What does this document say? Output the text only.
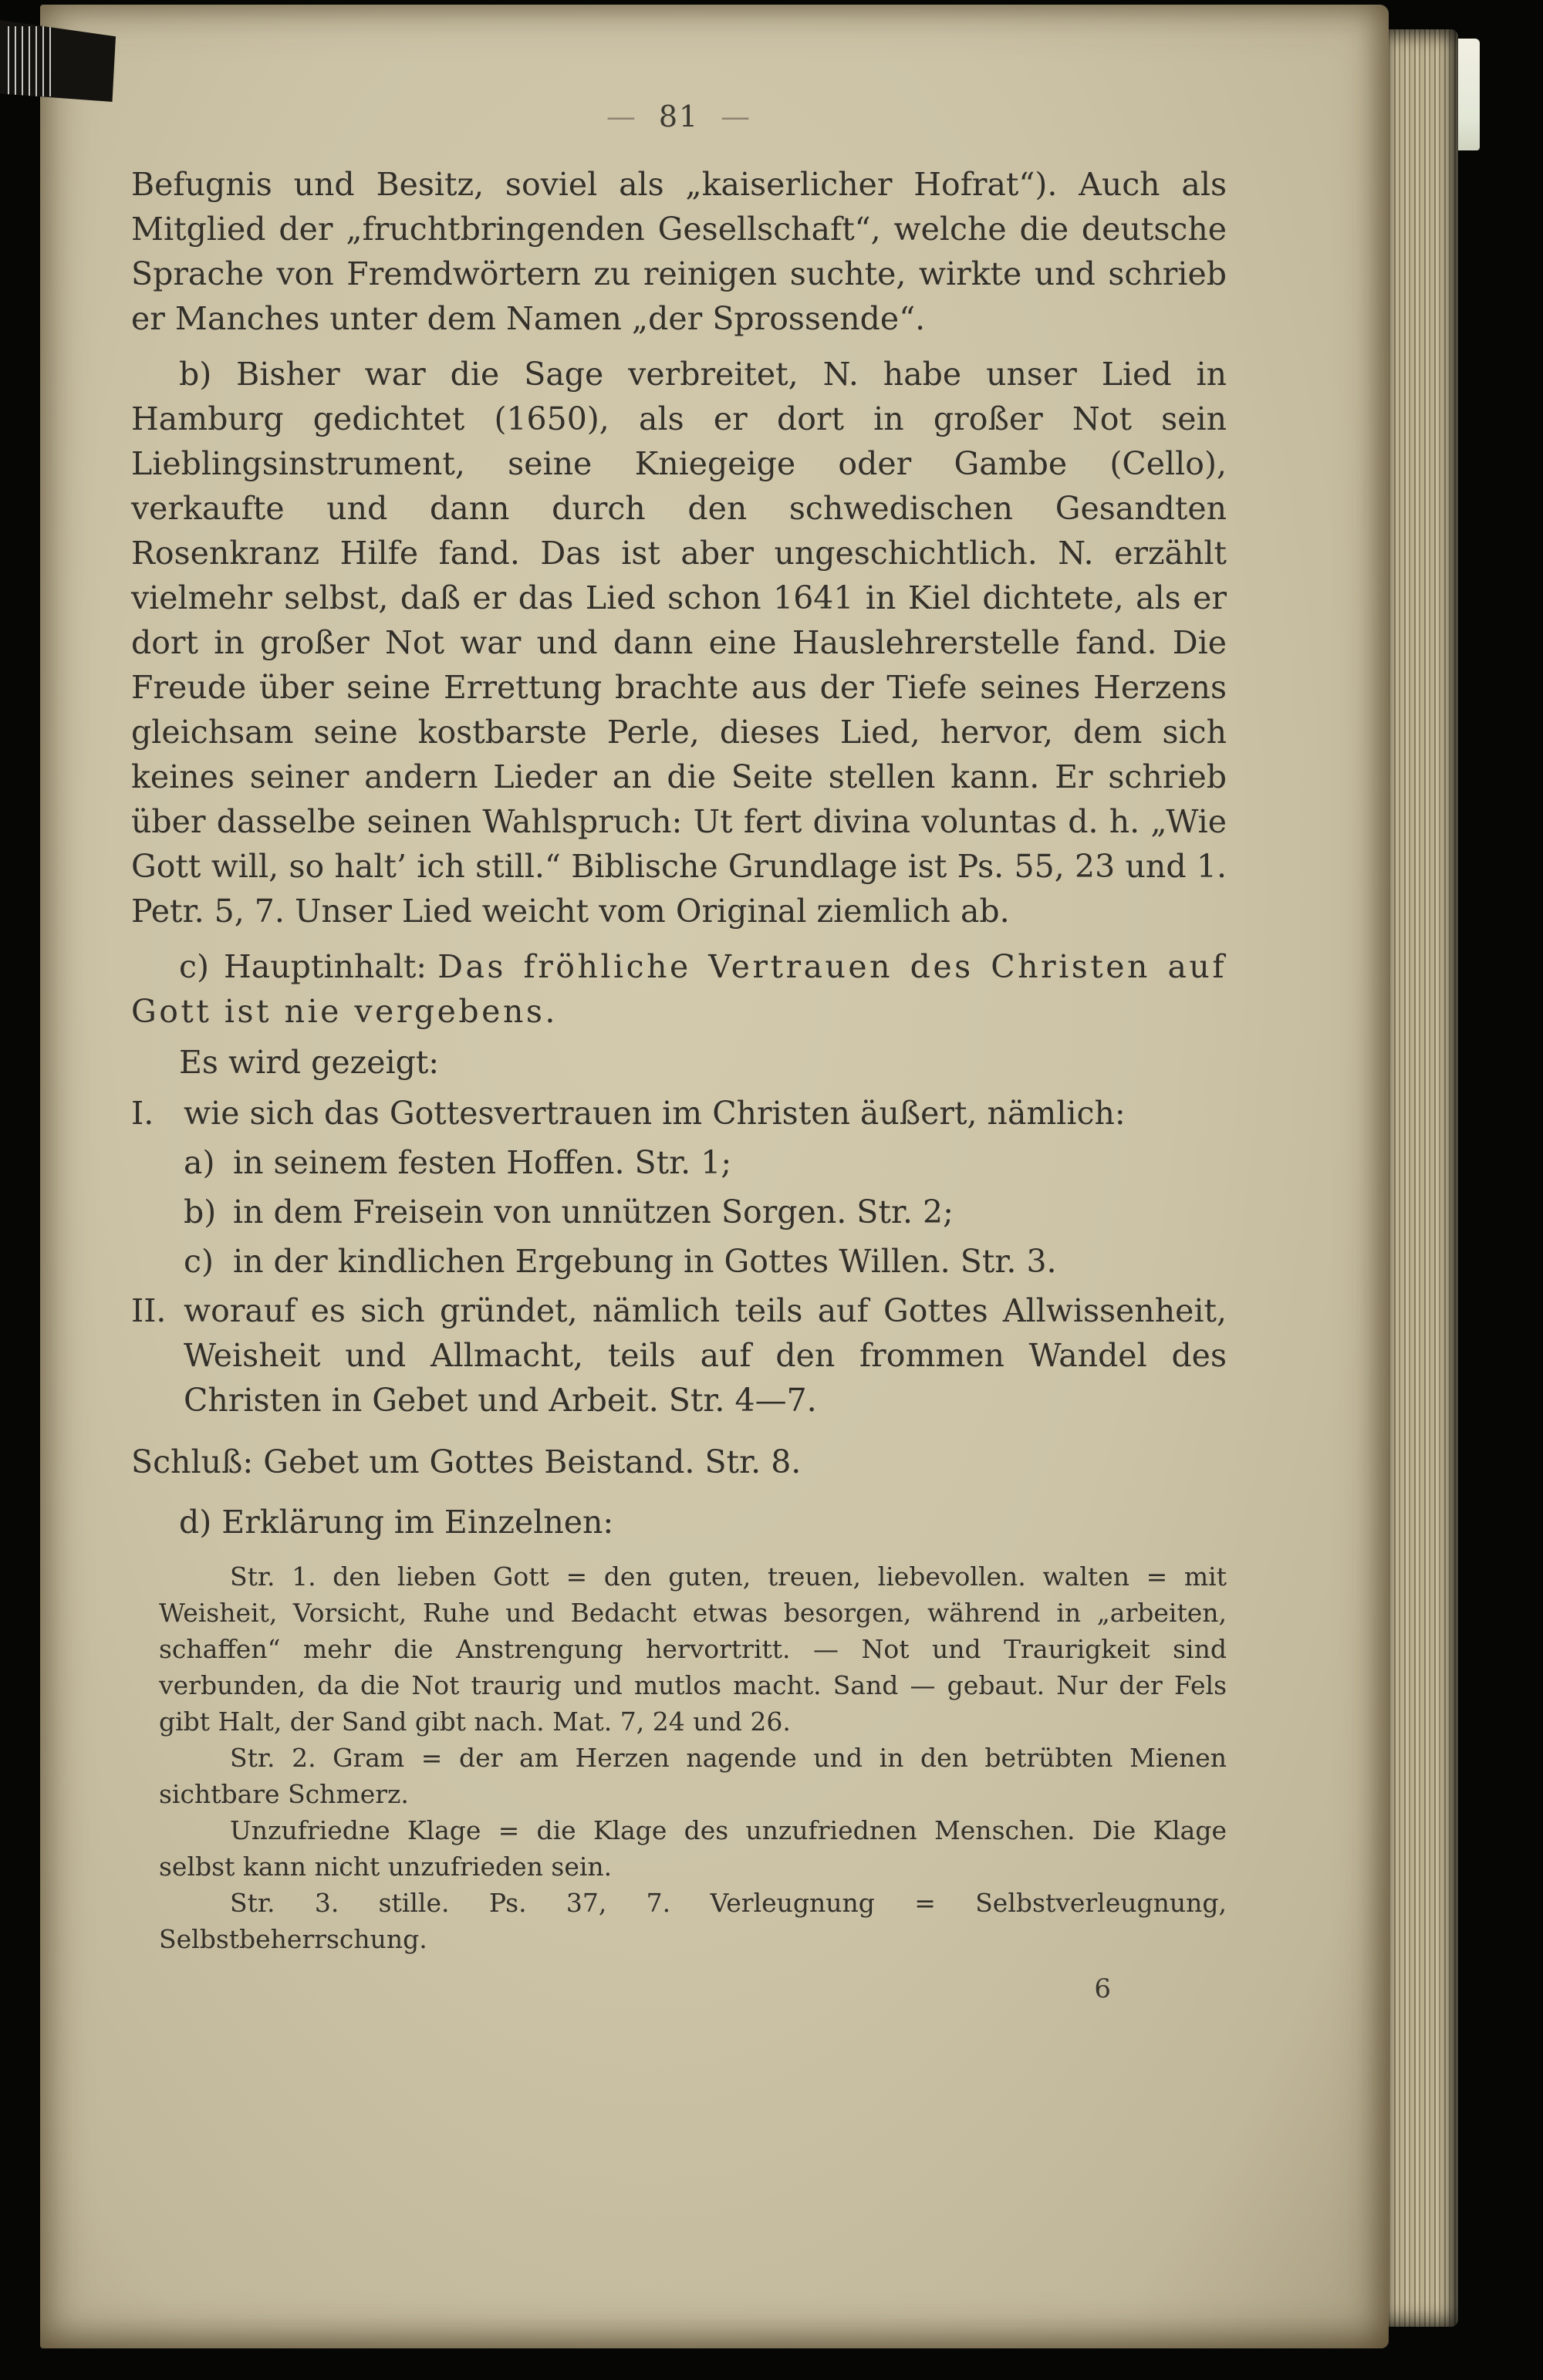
— 81 —

Befugnis und Besitz, soviel als „kaiserlicher Hofrat“). Auch als Mitglied der „fruchtbringenden Gesellschaft“, welche die deutsche Sprache von Fremdwörtern zu reinigen suchte, wirkte und schrieb er Manches unter dem Namen „der Sprossende“.

b) Bisher war die Sage verbreitet, N. habe unser Lied in Hamburg gedichtet (1650), als er dort in großer Not sein Lieblingsinstrument, seine Kniegeige oder Gambe (Cello), verkaufte und dann durch den schwedischen Gesandten Rosenkranz Hilfe fand. Das ist aber ungeschichtlich. N. erzählt vielmehr selbst, daß er das Lied schon 1641 in Kiel dichtete, als er dort in großer Not war und dann eine Hauslehrerstelle fand. Die Freude über seine Errettung brachte aus der Tiefe seines Herzens gleichsam seine kostbarste Perle, dieses Lied, hervor, dem sich keines seiner andern Lieder an die Seite stellen kann. Er schrieb über dasselbe seinen Wahlspruch: Ut fert divina voluntas d. h. „Wie Gott will, so halt’ ich still.“ Biblische Grundlage ist Ps. 55, 23 und 1. Petr. 5, 7. Unser Lied weicht vom Original ziemlich ab.

c) Hauptinhalt: Das fröhliche Vertrauen des Christen auf Gott ist nie vergebens.

Es wird gezeigt:

I. wie sich das Gottesvertrauen im Christen äußert, nämlich:
a) in seinem festen Hoffen. Str. 1;
b) in dem Freisein von unnützen Sorgen. Str. 2;
c) in der kindlichen Ergebung in Gottes Willen. Str. 3.
II. worauf es sich gründet, nämlich teils auf Gottes Allwissenheit, Weisheit und Allmacht, teils auf den frommen Wandel des Christen in Gebet und Arbeit. Str. 4—7.

Schluß: Gebet um Gottes Beistand. Str. 8.

d) Erklärung im Einzelnen:

Str. 1. den lieben Gott = den guten, treuen, liebevollen. walten = mit Weisheit, Vorsicht, Ruhe und Bedacht etwas besorgen, während in „arbeiten, schaffen“ mehr die Anstrengung hervortritt. — Not und Traurigkeit sind verbunden, da die Not traurig und mutlos macht. Sand — gebaut. Nur der Fels gibt Halt, der Sand gibt nach. Mat. 7, 24 und 26.

Str. 2. Gram = der am Herzen nagende und in den betrübten Mienen sichtbare Schmerz.

Unzufriedne Klage = die Klage des unzufriednen Menschen. Die Klage selbst kann nicht unzufrieden sein.

Str. 3. stille. Ps. 37, 7. Verleugnung = Selbstverleugnung, Selbstbeherrschung.

6
